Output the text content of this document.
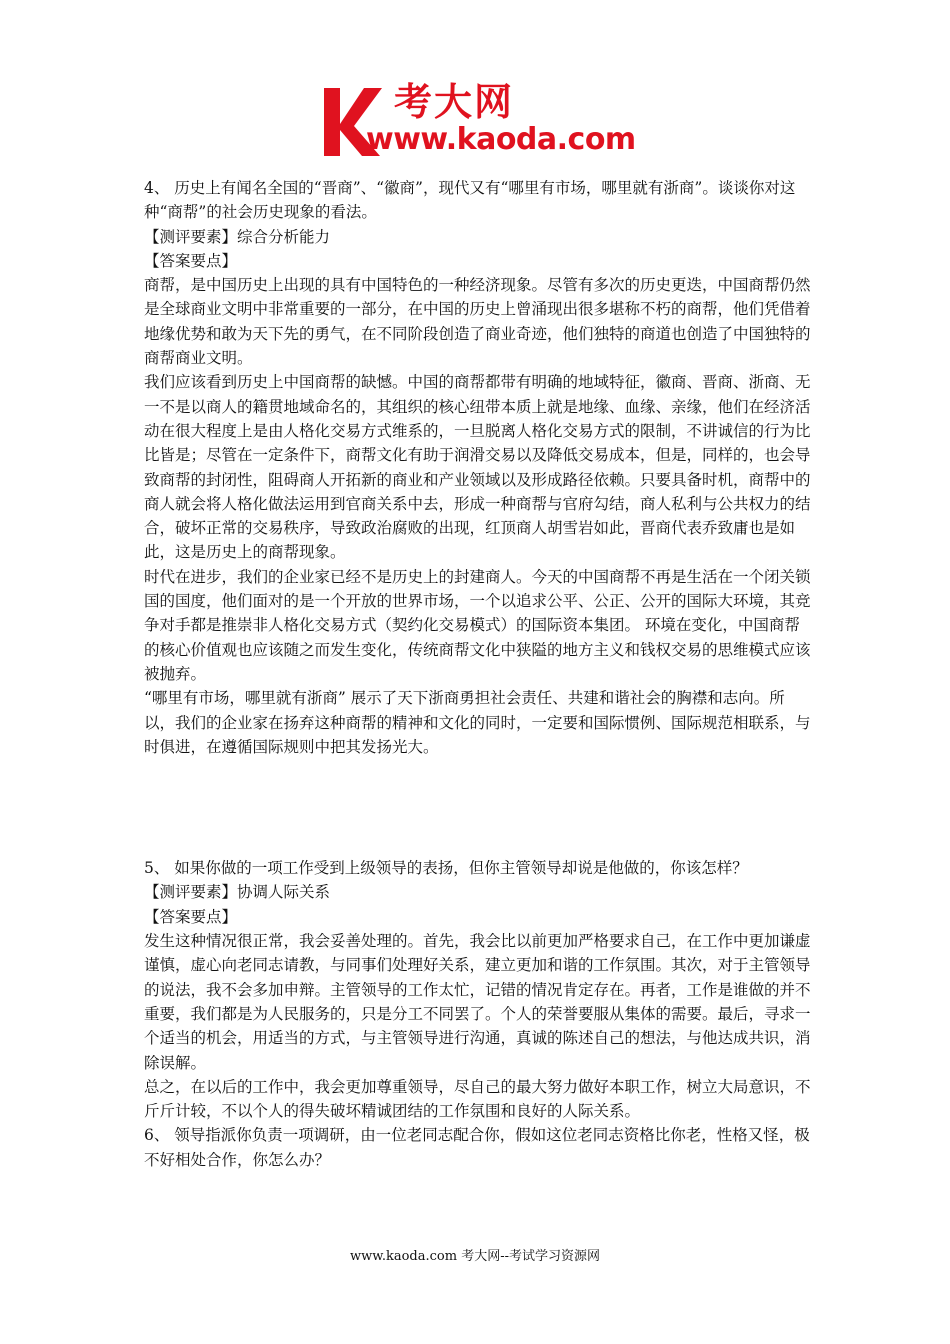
考大网
www.kaoda.com

4、 历史上有闻名全国的“晋商”、“徽商”，现代又有“哪里有市场，哪里就有浙商”。谈谈你对这种“商帮”的社会历史现象的看法。

【测评要素】综合分析能力

【答案要点】

商帮，是中国历史上出现的具有中国特色的一种经济现象。尽管有多次的历史更迭，中国商帮仍然是全球商业文明中非常重要的一部分，在中国的历史上曾涌现出很多堪称不朽的商帮，他们凭借着地缘优势和敢为天下先的勇气，在不同阶段创造了商业奇迹，他们独特的商道也创造了中国独特的商帮商业文明。

我们应该看到历史上中国商帮的缺憾。中国的商帮都带有明确的地域特征，徽商、晋商、浙商、无一不是以商人的籍贯地域命名的，其组织的核心纽带本质上就是地缘、血缘、亲缘，他们在经济活动在很大程度上是由人格化交易方式维系的，一旦脱离人格化交易方式的限制，不讲诚信的行为比比皆是；尽管在一定条件下，商帮文化有助于润滑交易以及降低交易成本，但是，同样的，也会导致商帮的封闭性，阻碍商人开拓新的商业和产业领域以及形成路径依赖。只要具备时机，商帮中的商人就会将人格化做法运用到官商关系中去，形成一种商帮与官府勾结，商人私利与公共权力的结合，破坏正常的交易秩序，导致政治腐败的出现，红顶商人胡雪岩如此，晋商代表乔致庸也是如此，这是历史上的商帮现象。

时代在进步，我们的企业家已经不是历史上的封建商人。今天的中国商帮不再是生活在一个闭关锁国的国度，他们面对的是一个开放的世界市场，一个以追求公平、公正、公开的国际大环境，其竞争对手都是推崇非人格化交易方式（契约化交易模式）的国际资本集团。 环境在变化，中国商帮的核心价值观也应该随之而发生变化，传统商帮文化中狭隘的地方主义和钱权交易的思维模式应该被抛弃。

“哪里有市场，哪里就有浙商” 展示了天下浙商勇担社会责任、共建和谐社会的胸襟和志向。所以，我们的企业家在扬弃这种商帮的精神和文化的同时，一定要和国际惯例、国际规范相联系，与时俱进，在遵循国际规则中把其发扬光大。

5、 如果你做的一项工作受到上级领导的表扬，但你主管领导却说是他做的，你该怎样？

【测评要素】协调人际关系

【答案要点】

发生这种情况很正常，我会妥善处理的。首先，我会比以前更加严格要求自己，在工作中更加谦虚谨慎，虚心向老同志请教，与同事们处理好关系，建立更加和谐的工作氛围。其次，对于主管领导的说法，我不会多加申辩。主管领导的工作太忙，记错的情况肯定存在。再者，工作是谁做的并不重要，我们都是为人民服务的，只是分工不同罢了。个人的荣誉要服从集体的需要。最后，寻求一个适当的机会，用适当的方式，与主管领导进行沟通，真诚的陈述自己的想法，与他达成共识，消除误解。

总之，在以后的工作中，我会更加尊重领导，尽自己的最大努力做好本职工作，树立大局意识，不斤斤计较，不以个人的得失破坏精诚团结的工作氛围和良好的人际关系。

6、 领导指派你负责一项调研，由一位老同志配合你，假如这位老同志资格比你老，性格又怪，极不好相处合作，你怎么办？

www.kaoda.com 考大网--考试学习资源网
